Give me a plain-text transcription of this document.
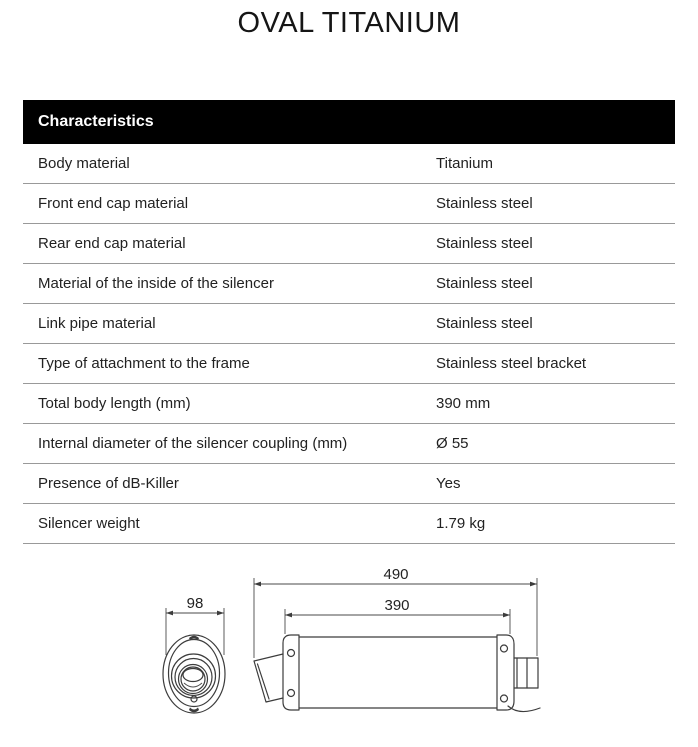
OVAL TITANIUM
Characteristics
Body material	Titanium
Front end cap material	Stainless steel
Rear end cap material	Stainless steel
Material of the inside of the silencer	Stainless steel
Link pipe material	Stainless steel
Type of attachment to the frame	Stainless steel bracket
Total body length (mm)	390 mm
Internal diameter of the silencer coupling (mm)	Ø 55
Presence of dB-Killer	Yes
Silencer weight	1.79 kg
98
490
390
